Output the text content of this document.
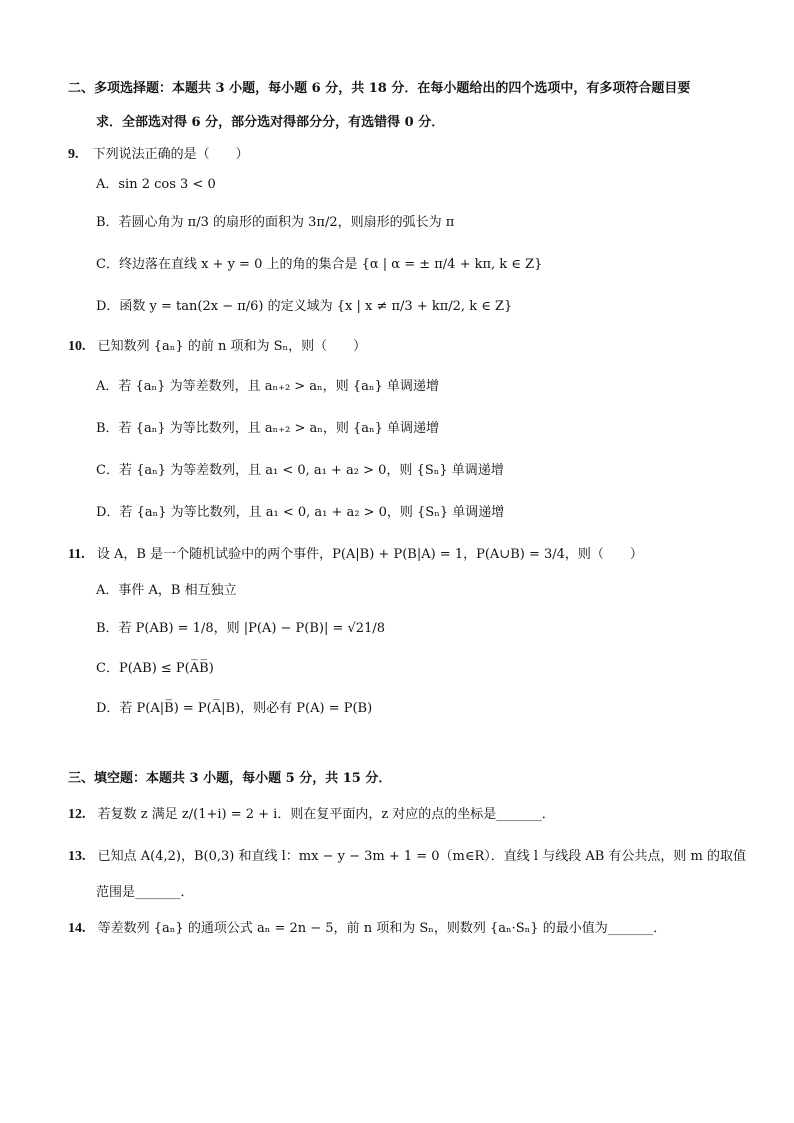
二、多项选择题：本题共 3 小题，每小题 6 分，共 18 分．在每小题给出的四个选项中，有多项符合题目要
求．全部选对得 6 分，部分选对得部分分，有选错得 0 分．
9. 下列说法正确的是（　　）
A．sin 2 cos 3 < 0
B．若圆心角为 π/3 的扇形的面积为 3π/2，则扇形的弧长为 π
C．终边落在直线 x + y = 0 上的角的集合是 {α | α = ± π/4 + kπ, k ∈ Z}
D．函数 y = tan(2x − π/6) 的定义域为 {x | x ≠ π/3 + kπ/2, k ∈ Z}
10. 已知数列 {aₙ} 的前 n 项和为 Sₙ，则（　　）
A．若 {aₙ} 为等差数列，且 aₙ₊₂ > aₙ，则 {aₙ} 单调递增
B．若 {aₙ} 为等比数列，且 aₙ₊₂ > aₙ，则 {aₙ} 单调递增
C．若 {aₙ} 为等差数列，且 a₁ < 0, a₁ + a₂ > 0，则 {Sₙ} 单调递增
D．若 {aₙ} 为等比数列，且 a₁ < 0, a₁ + a₂ > 0，则 {Sₙ} 单调递增
11. 设 A，B 是一个随机试验中的两个事件，P(A|B) + P(B|A) = 1，P(A∪B) = 3/4，则（　　）
A．事件 A，B 相互独立
B．若 P(AB) = 1/8，则 |P(A) − P(B)| = √21/8
C．P(AB) ≤ P(A̅B̅)
D．若 P(A|B̅) = P(A̅|B)，则必有 P(A) = P(B)
三、填空题：本题共 3 小题，每小题 5 分，共 15 分．
12. 若复数 z 满足 z/(1+i) = 2 + i．则在复平面内，z 对应的点的坐标是_______．
13. 已知点 A(4,2)，B(0,3) 和直线 l：mx − y − 3m + 1 = 0（m∈R）．直线 l 与线段 AB 有公共点，则 m 的取值
范围是_______．
14. 等差数列 {aₙ} 的通项公式 aₙ = 2n − 5，前 n 项和为 Sₙ，则数列 {aₙ·Sₙ} 的最小值为_______．
